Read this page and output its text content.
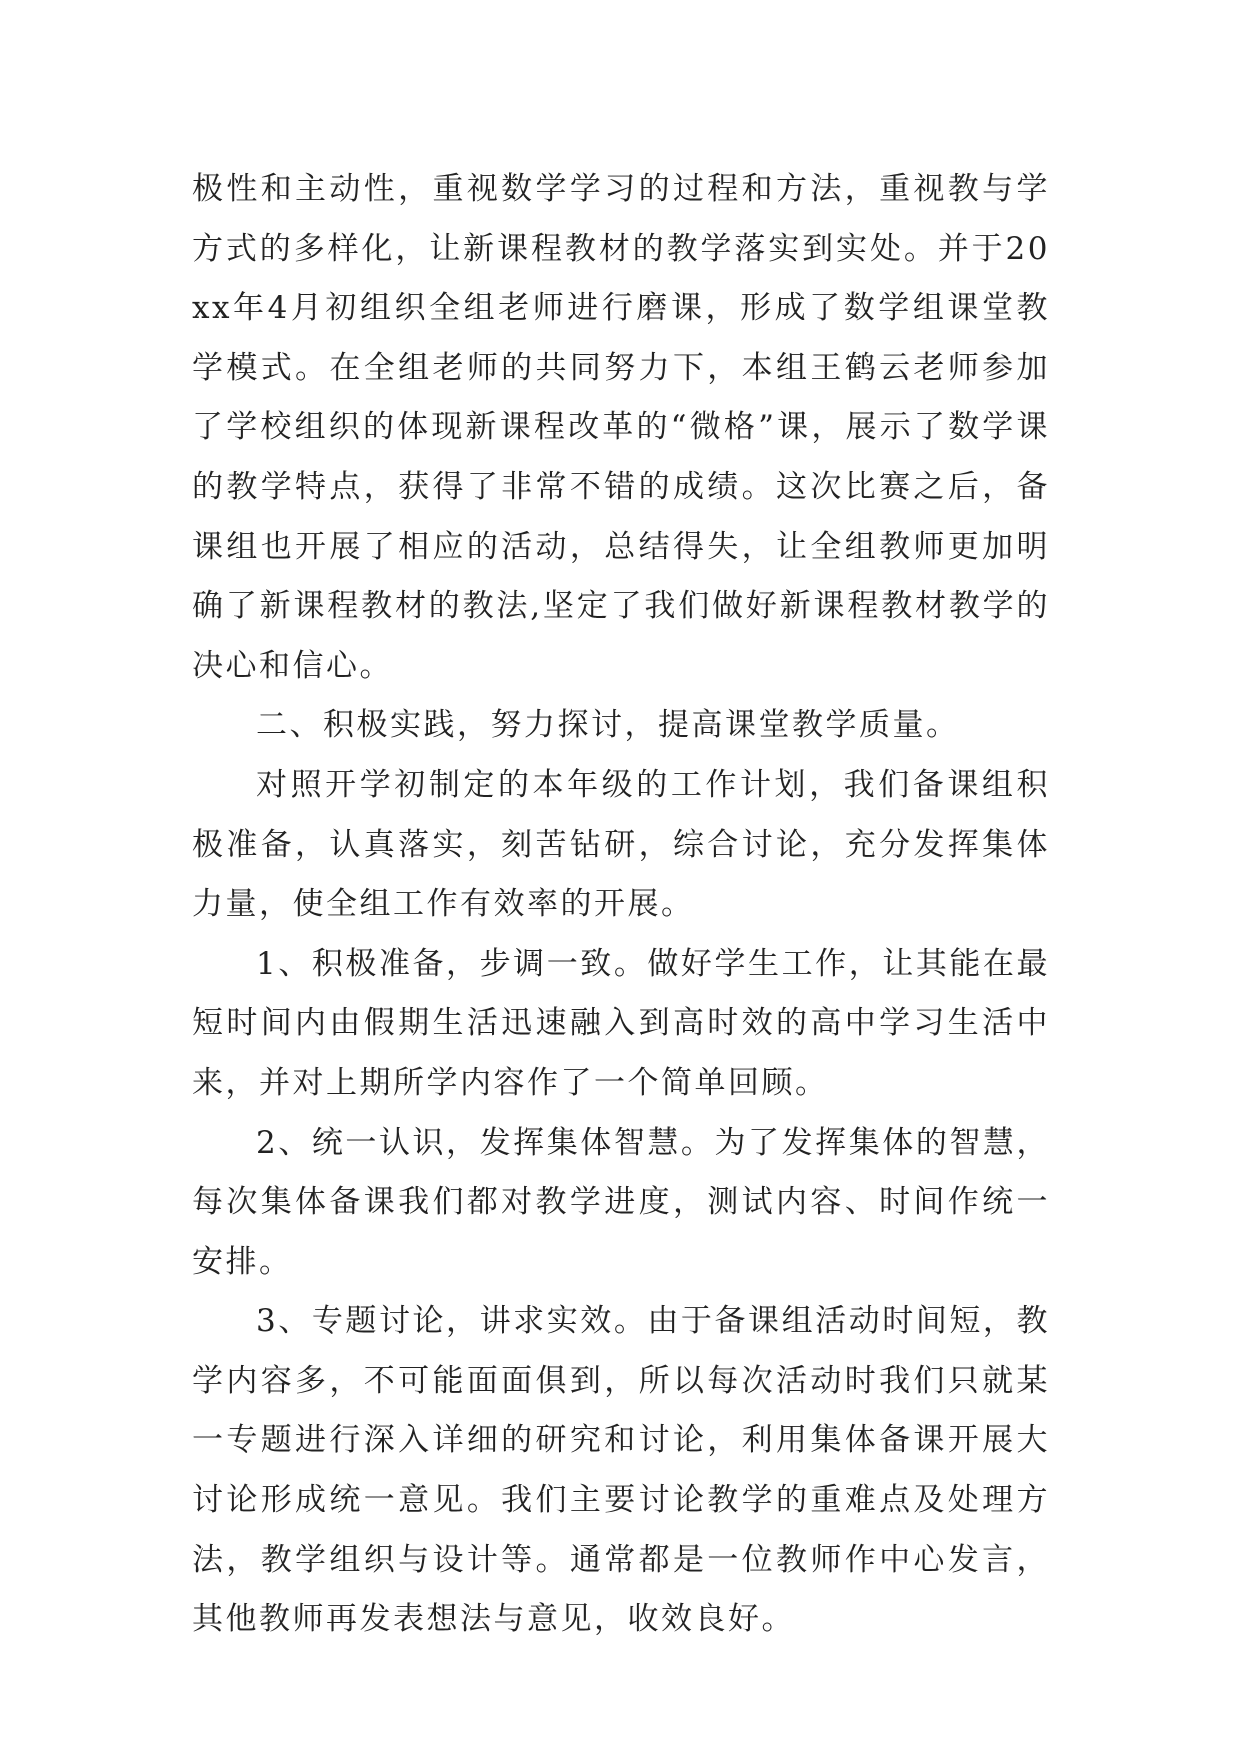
极性和主动性，重视数学学习的过程和方法，重视教与学方式的多样化，让新课程教材的教学落实到实处。并于20xx年4月初组织全组老师进行磨课，形成了数学组课堂教学模式。在全组老师的共同努力下，本组王鹤云老师参加了学校组织的体现新课程改革的“微格”课，展示了数学课的教学特点，获得了非常不错的成绩。这次比赛之后，备课组也开展了相应的活动，总结得失，让全组教师更加明确了新课程教材的教法,坚定了我们做好新课程教材教学的决心和信心。

二、积极实践，努力探讨，提高课堂教学质量。

对照开学初制定的本年级的工作计划，我们备课组积极准备，认真落实，刻苦钻研，综合讨论，充分发挥集体力量，使全组工作有效率的开展。

1、积极准备，步调一致。做好学生工作，让其能在最短时间内由假期生活迅速融入到高时效的高中学习生活中来，并对上期所学内容作了一个简单回顾。

2、统一认识，发挥集体智慧。为了发挥集体的智慧，每次集体备课我们都对教学进度，测试内容、时间作统一安排。

3、专题讨论，讲求实效。由于备课组活动时间短，教学内容多，不可能面面俱到，所以每次活动时我们只就某一专题进行深入详细的研究和讨论，利用集体备课开展大讨论形成统一意见。我们主要讨论教学的重难点及处理方法，教学组织与设计等。通常都是一位教师作中心发言，其他教师再发表想法与意见，收效良好。
